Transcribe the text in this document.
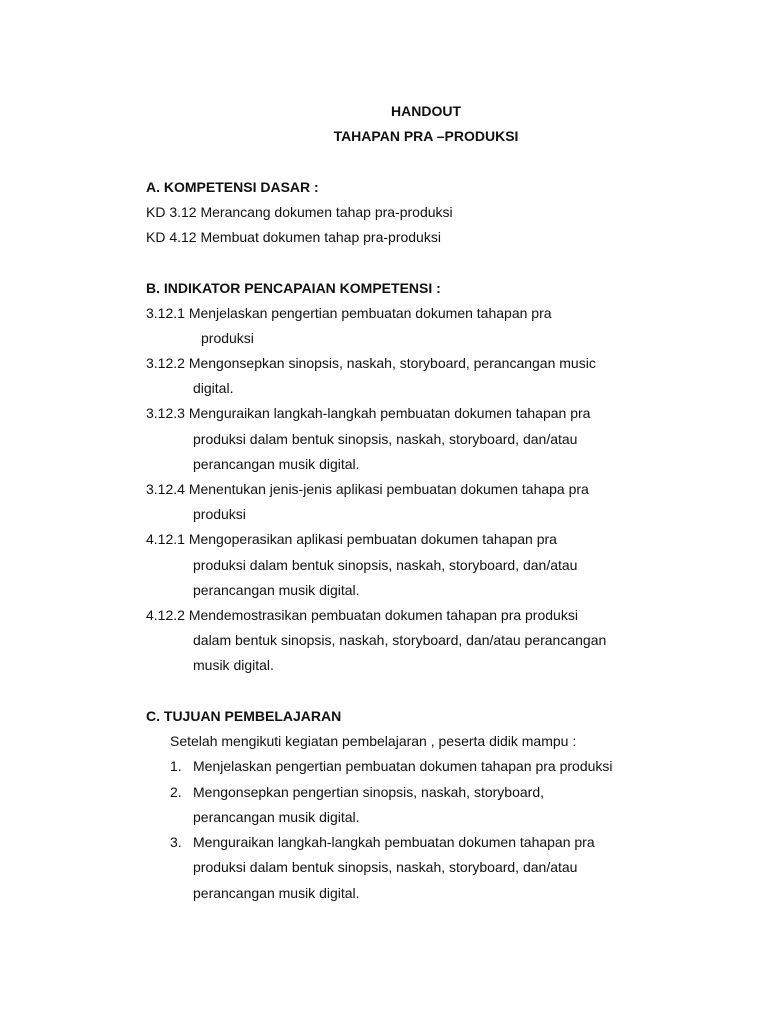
HANDOUT
TAHAPAN PRA –PRODUKSI
A. KOMPETENSI DASAR :
KD 3.12 Merancang dokumen tahap pra-produksi
KD 4.12 Membuat dokumen tahap pra-produksi
B. INDIKATOR PENCAPAIAN KOMPETENSI :
3.12.1 Menjelaskan pengertian pembuatan dokumen tahapan pra
produksi
3.12.2 Mengonsepkan sinopsis, naskah, storyboard, perancangan music
digital.
3.12.3 Menguraikan langkah-langkah pembuatan dokumen tahapan pra
produksi dalam bentuk sinopsis, naskah, storyboard, dan/atau
perancangan musik digital.
3.12.4 Menentukan jenis-jenis aplikasi pembuatan dokumen tahapa pra
produksi
4.12.1 Mengoperasikan aplikasi pembuatan dokumen tahapan pra
produksi dalam bentuk sinopsis, naskah, storyboard, dan/atau
perancangan musik digital.
4.12.2 Mendemostrasikan pembuatan dokumen tahapan pra produksi
dalam bentuk sinopsis, naskah, storyboard, dan/atau perancangan
musik digital.
C. TUJUAN PEMBELAJARAN
Setelah mengikuti kegiatan pembelajaran , peserta didik mampu :
1. Menjelaskan pengertian pembuatan dokumen tahapan pra produksi
2. Mengonsepkan pengertian sinopsis, naskah, storyboard,
perancangan musik digital.
3. Menguraikan langkah-langkah pembuatan dokumen tahapan pra
produksi dalam bentuk sinopsis, naskah, storyboard, dan/atau
perancangan musik digital.
